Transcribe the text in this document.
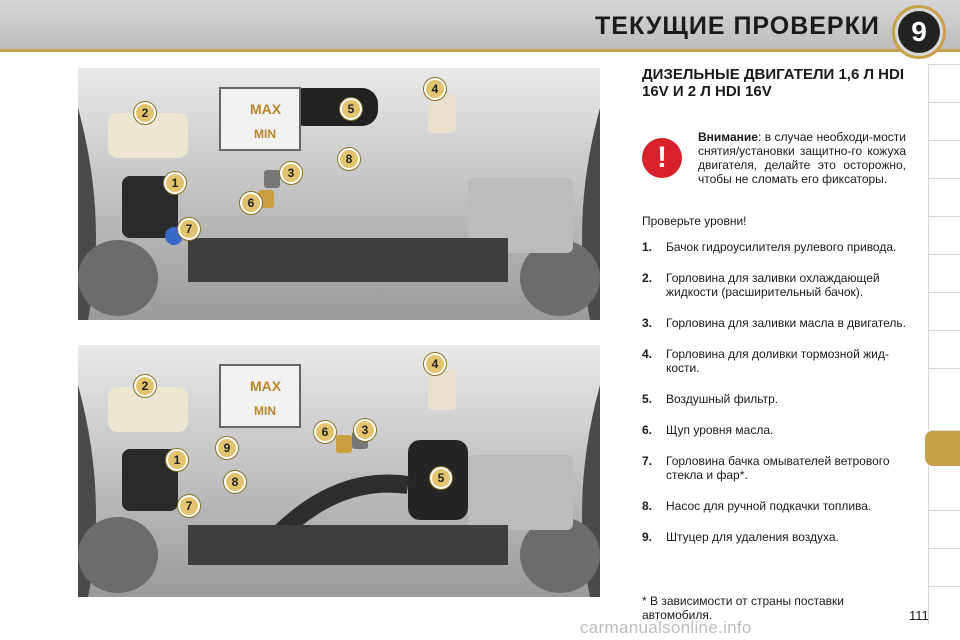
ТЕКУЩИЕ ПРОВЕРКИ	9
MAX
MIN
2	5
4
1
8
3
6
7
MAX
MIN
2
4
9
6	3
1
8	5
7
ДИЗЕЛЬНЫЕ ДВИГАТЕЛИ 1,6 Л HDI 16V И 2 Л HDI 16V
!
Внимание: в случае необходи-мости снятия/установки защитно-го кожуха двигателя, делайте это осторожно, чтобы не сломать его фиксаторы.
Проверьте уровни!
1. Бачок гидроусилителя рулевого привода.
2. Горловина для заливки охлаждающей жидкости (расширительный бачок).
3. Горловина для заливки масла в двигатель.
4. Горловина для доливки тормозной жид-кости.
5. Воздушный фильтр.
6. Щуп уровня масла.
7. Горловина бачка омывателей ветрового стекла и фар*.
8. Насос для ручной подкачки топлива.
9. Штуцер для удаления воздуха.
* В зависимости от страны поставки автомобиля.	111
carmanualsonline.info
